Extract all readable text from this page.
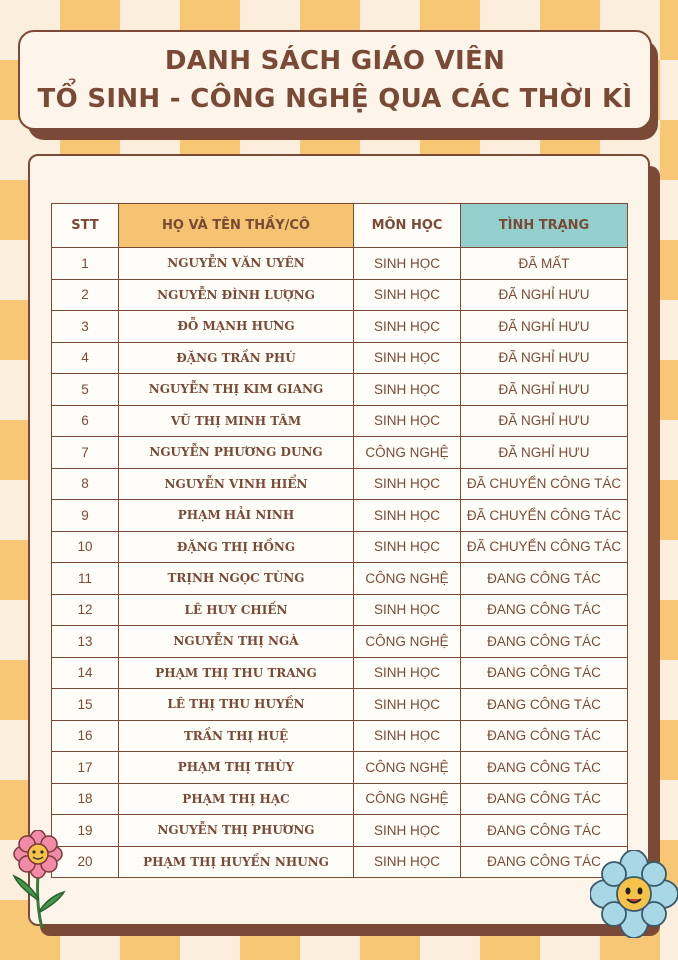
DANH SÁCH GIÁO VIÊN
TỔ SINH - CÔNG NGHỆ QUA CÁC THỜI KÌ
STT	HỌ VÀ TÊN THẦY/CÔ	MÔN HỌC	TÌNH TRẠNG
1	NGUYỄN VĂN UYÊN	SINH HỌC	ĐÃ MẤT
2	NGUYỄN ĐÌNH LƯỢNG	SINH HỌC	ĐÃ NGHỈ HƯU
3	ĐỖ MẠNH HƯNG	SINH HỌC	ĐÃ NGHỈ HƯU
4	ĐẶNG TRẦN PHÚ	SINH HỌC	ĐÃ NGHỈ HƯU
5	NGUYỄN THỊ KIM GIANG	SINH HỌC	ĐÃ NGHỈ HƯU
6	VŨ THỊ MINH TÂM	SINH HỌC	ĐÃ NGHỈ HƯU
7	NGUYỄN PHƯƠNG DUNG	CÔNG NGHỆ	ĐÃ NGHỈ HƯU
8	NGUYỄN VINH HIỂN	SINH HỌC	ĐÃ CHUYỂN CÔNG TÁC
9	PHẠM HẢI NINH	SINH HỌC	ĐÃ CHUYỂN CÔNG TÁC
10	ĐẶNG THỊ HỒNG	SINH HỌC	ĐÃ CHUYỂN CÔNG TÁC
11	TRỊNH NGỌC TÙNG	CÔNG NGHỆ	ĐANG CÔNG TÁC
12	LÊ HUY CHIẾN	SINH HỌC	ĐANG CÔNG TÁC
13	NGUYỄN THỊ NGÀ	CÔNG NGHỆ	ĐANG CÔNG TÁC
14	PHẠM THỊ THU TRANG	SINH HỌC	ĐANG CÔNG TÁC
15	LÊ THỊ THU HUYỀN	SINH HỌC	ĐANG CÔNG TÁC
16	TRẦN THỊ HUỆ	SINH HỌC	ĐANG CÔNG TÁC
17	PHẠM THỊ THÙY	CÔNG NGHỆ	ĐANG CÔNG TÁC
18	PHẠM THỊ HẠC	CÔNG NGHỆ	ĐANG CÔNG TÁC
19	NGUYỄN THỊ PHƯƠNG	SINH HỌC	ĐANG CÔNG TÁC
20	PHẠM THỊ HUYỀN NHUNG	SINH HỌC	ĐANG CÔNG TÁC
